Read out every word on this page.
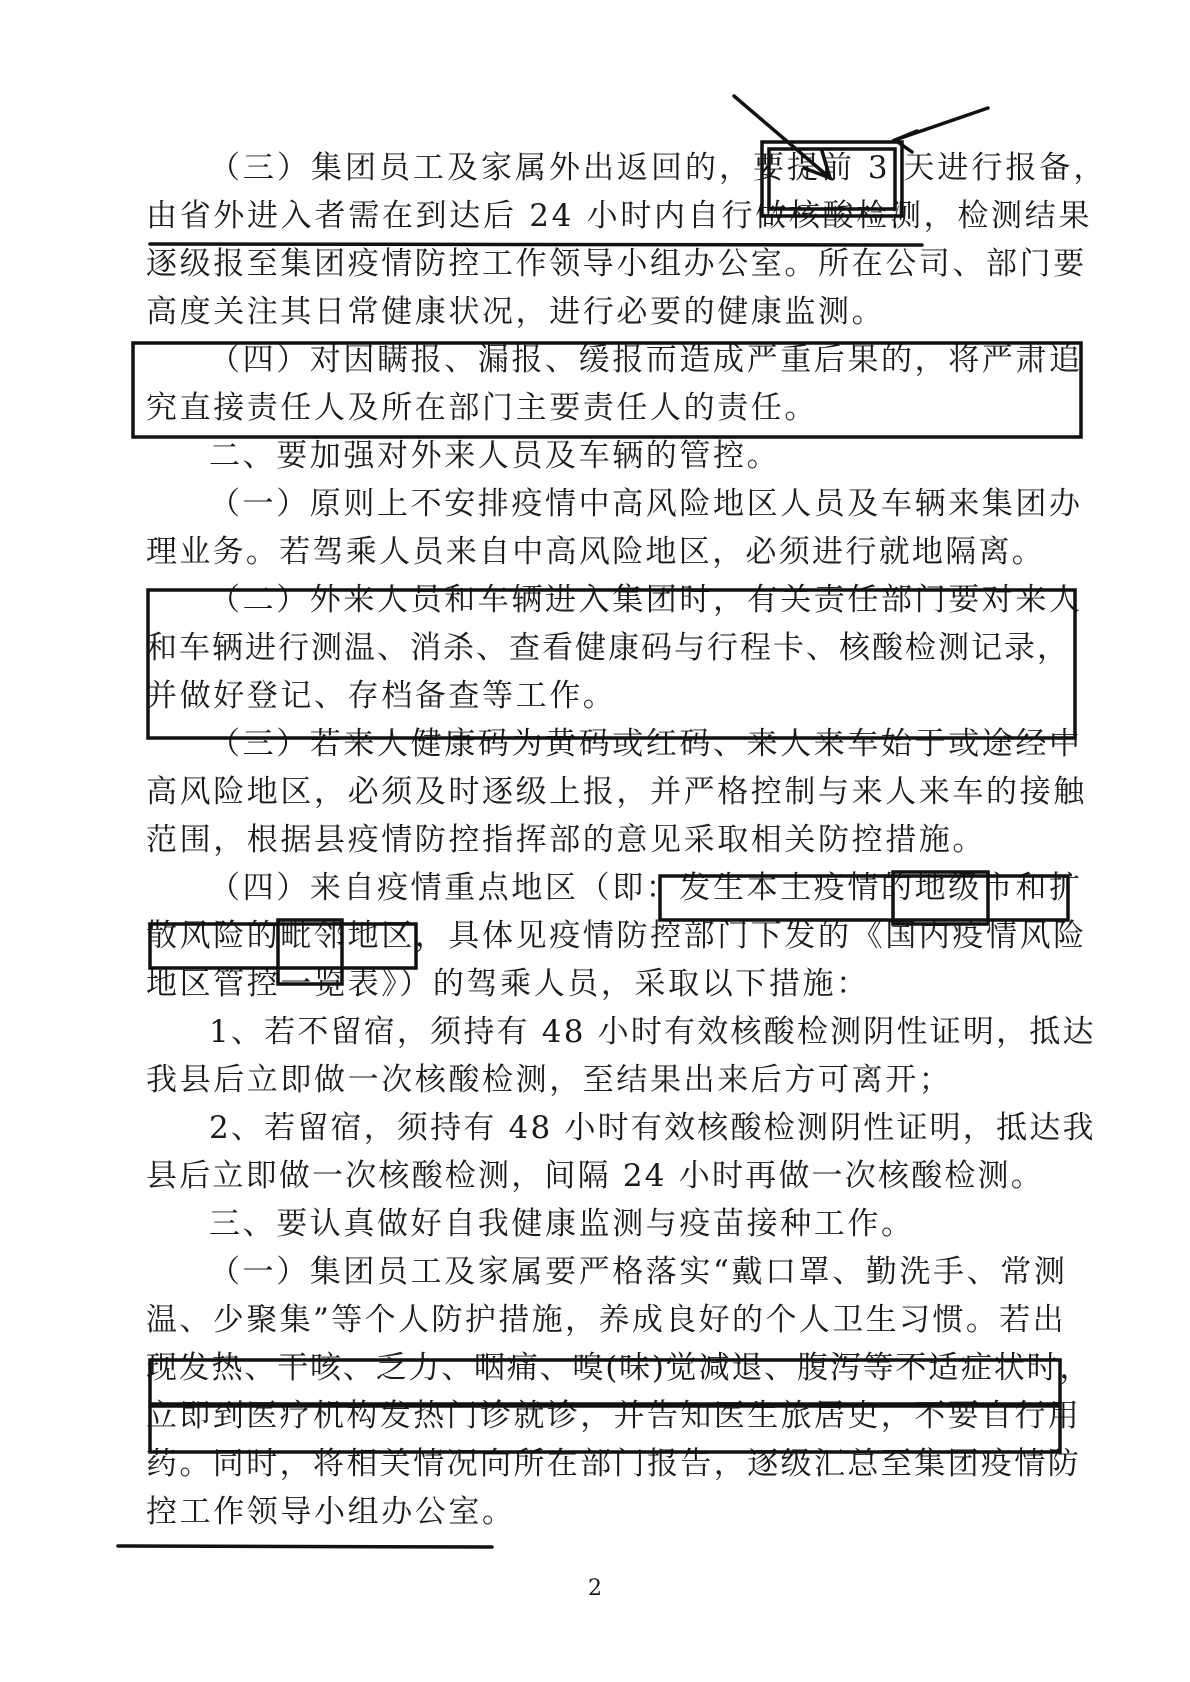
（三）集团员工及家属外出返回的，要提前 3 天进行报备，

由省外进入者需在到达后 24 小时内自行做核酸检测，检测结果

逐级报至集团疫情防控工作领导小组办公室。所在公司、部门要

高度关注其日常健康状况，进行必要的健康监测。

（四）对因瞒报、漏报、缓报而造成严重后果的，将严肃追

究直接责任人及所在部门主要责任人的责任。

二、要加强对外来人员及车辆的管控。

（一）原则上不安排疫情中高风险地区人员及车辆来集团办

理业务。若驾乘人员来自中高风险地区，必须进行就地隔离。

（二）外来人员和车辆进入集团时，有关责任部门要对来人

和车辆进行测温、消杀、查看健康码与行程卡、核酸检测记录，

并做好登记、存档备查等工作。

（三）若来人健康码为黄码或红码、来人来车始于或途经中

高风险地区，必须及时逐级上报，并严格控制与来人来车的接触

范围，根据县疫情防控指挥部的意见采取相关防控措施。

（四）来自疫情重点地区（即：发生本土疫情的地级市和扩

散风险的毗邻地区，具体见疫情防控部门下发的《国内疫情风险

地区管控一览表》）的驾乘人员，采取以下措施：

1、若不留宿，须持有 48 小时有效核酸检测阴性证明，抵达

我县后立即做一次核酸检测，至结果出来后方可离开；

2、若留宿，须持有 48 小时有效核酸检测阴性证明，抵达我

县后立即做一次核酸检测，间隔 24 小时再做一次核酸检测。

三、要认真做好自我健康监测与疫苗接种工作。

（一）集团员工及家属要严格落实“戴口罩、勤洗手、常测

温、少聚集”等个人防护措施，养成良好的个人卫生习惯。若出

现发热、干咳、乏力、咽痛、嗅(味)觉减退、腹泻等不适症状时，

立即到医疗机构发热门诊就诊，并告知医生旅居史，不要自行用

药。同时，将相关情况向所在部门报告，逐级汇总至集团疫情防

控工作领导小组办公室。

2
